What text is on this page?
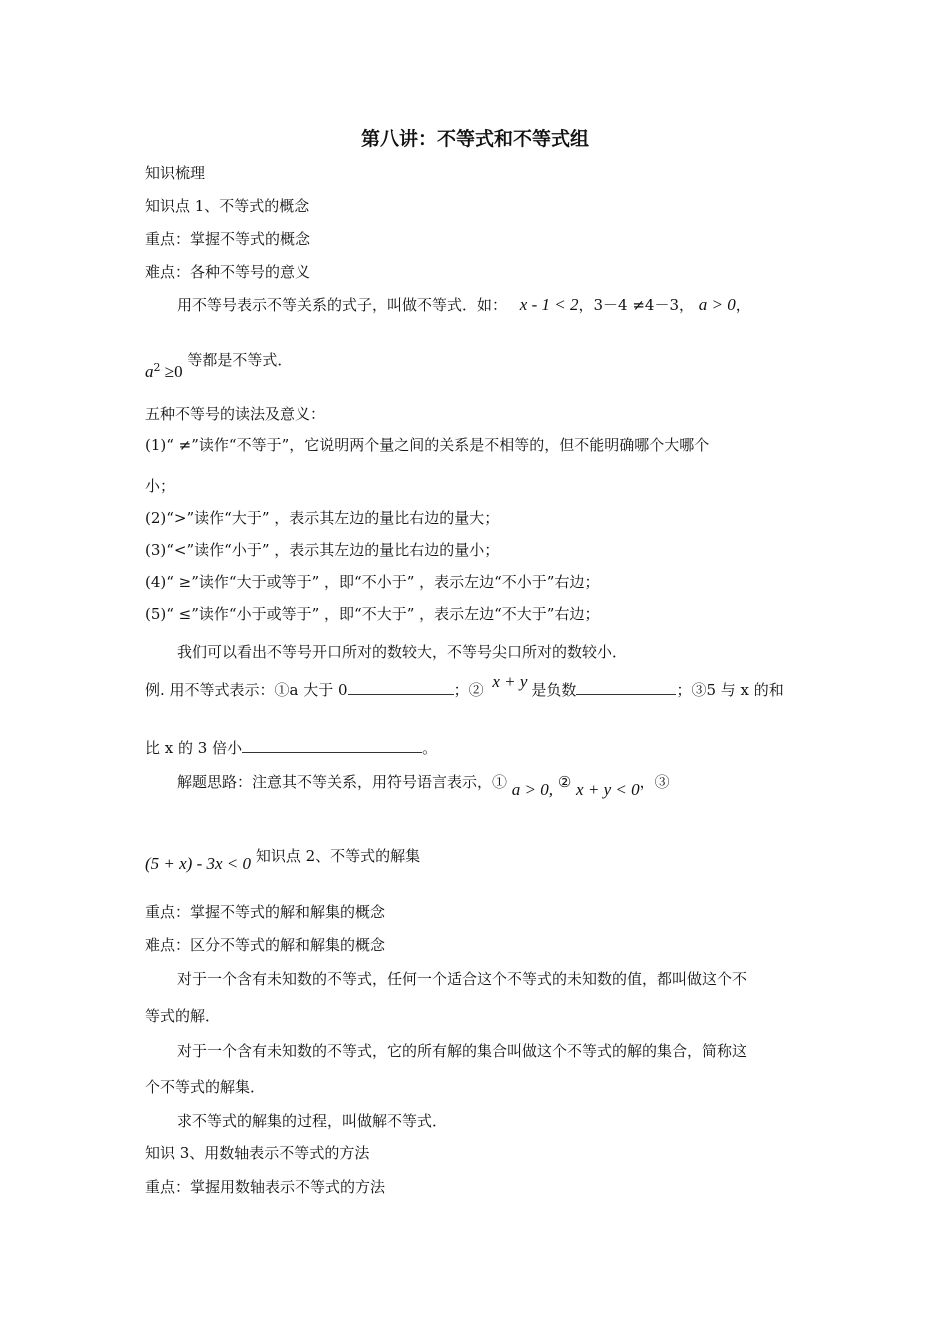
第八讲：不等式和不等式组
知识梳理
知识点 1、不等式的概念
重点：掌握不等式的概念
难点：各种不等号的意义
用不等号表示不等关系的式子，叫做不等式．如： x - 1 < 2，3－4 ≠4－3， a > 0，
$a^2 \ge 0$ 等都是不等式．
五种不等号的读法及意义：
(1)“ ≠”读作“不等于”，它说明两个量之间的关系是不相等的，但不能明确哪个大哪个
小；
(2)“>”读作“大于” ，表示其左边的量比右边的量大；
(3)“<”读作“小于” ，表示其左边的量比右边的量小；
(4)“ ≥”读作“大于或等于” ，即“不小于” ，表示左边“不小于”右边；
(5)“ ≤”读作“小于或等于” ，即“不大于” ，表示左边“不大于”右边；
我们可以看出不等号开口所对的数较大，不等号尖口所对的数较小．
例. 用不等式表示：①a 大于 0	；② x + y 是负数	；③5 与 x 的和
比 x 的 3 倍小	。
解题思路：注意其不等关系，用符号语言表示，① a > 0, ② x + y < 0，③
(5 + x) - 3x < 0 知识点 2、不等式的解集
重点：掌握不等式的解和解集的概念
难点：区分不等式的解和解集的概念
对于一个含有未知数的不等式，任何一个适合这个不等式的未知数的值，都叫做这个不
等式的解．
对于一个含有未知数的不等式，它的所有解的集合叫做这个不等式的解的集合，简称这
个不等式的解集．
求不等式的解集的过程，叫做解不等式．
知识 3、用数轴表示不等式的方法
重点：掌握用数轴表示不等式的方法
